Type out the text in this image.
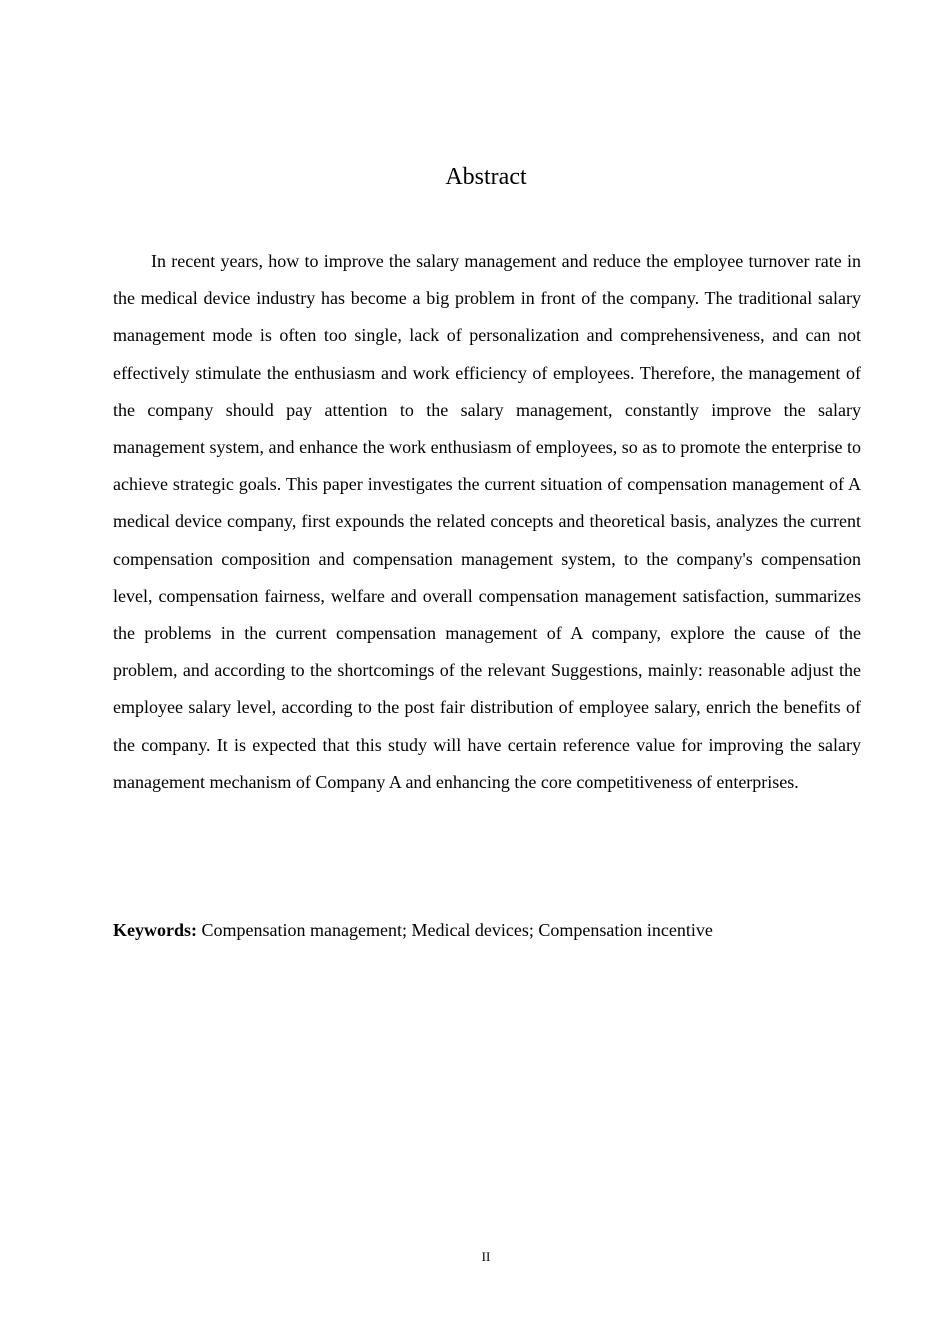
Abstract

In recent years, how to improve the salary management and reduce the employee turnover rate in the medical device industry has become a big problem in front of the company. The traditional salary management mode is often too single, lack of personalization and comprehensiveness, and can not effectively stimulate the enthusiasm and work efficiency of employees. Therefore, the management of the company should pay attention to the salary management, constantly improve the salary management system, and enhance the work enthusiasm of employees, so as to promote the enterprise to achieve strategic goals. This paper investigates the current situation of compensation management of A medical device company, first expounds the related concepts and theoretical basis, analyzes the current compensation composition and compensation management system, to the company's compensation level, compensation fairness, welfare and overall compensation management satisfaction, summarizes the problems in the current compensation management of A company, explore the cause of the problem, and according to the shortcomings of the relevant Suggestions, mainly: reasonable adjust the employee salary level, according to the post fair distribution of employee salary, enrich the benefits of the company. It is expected that this study will have certain reference value for improving the salary management mechanism of Company A and enhancing the core competitiveness of enterprises.

Keywords: Compensation management; Medical devices; Compensation incentive

II
